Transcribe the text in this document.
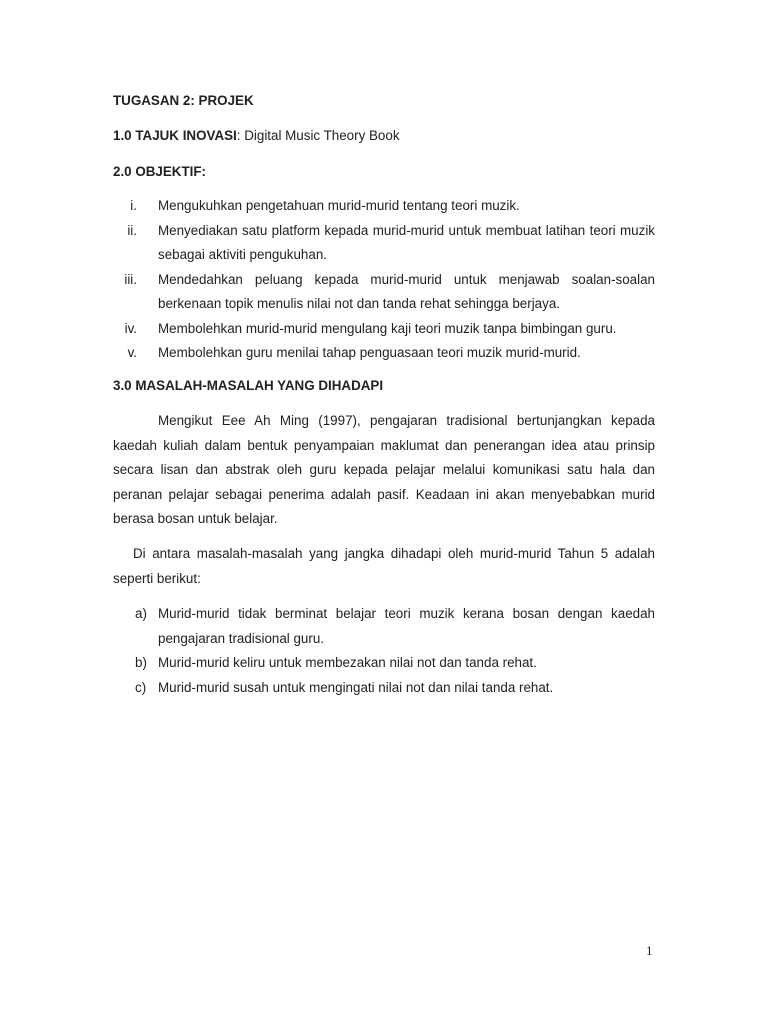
TUGASAN 2: PROJEK
1.0 TAJUK INOVASI: Digital Music Theory Book
2.0 OBJEKTIF:
i. Mengukuhkan pengetahuan murid-murid tentang teori muzik.
ii. Menyediakan satu platform kepada murid-murid untuk membuat latihan teori muzik sebagai aktiviti pengukuhan.
iii. Mendedahkan peluang kepada murid-murid untuk menjawab soalan-soalan berkenaan topik menulis nilai not dan tanda rehat sehingga berjaya.
iv. Membolehkan murid-murid mengulang kaji teori muzik tanpa bimbingan guru.
v. Membolehkan guru menilai tahap penguasaan teori muzik murid-murid.
3.0 MASALAH-MASALAH YANG DIHADAPI

Mengikut Eee Ah Ming (1997), pengajaran tradisional bertunjangkan kepada kaedah kuliah dalam bentuk penyampaian maklumat dan penerangan idea atau prinsip secara lisan dan abstrak oleh guru kepada pelajar melalui komunikasi satu hala dan peranan pelajar sebagai penerima adalah pasif. Keadaan ini akan menyebabkan murid berasa bosan untuk belajar.

Di antara masalah-masalah yang jangka dihadapi oleh murid-murid Tahun 5 adalah seperti berikut:

a) Murid-murid tidak berminat belajar teori muzik kerana bosan dengan kaedah pengajaran tradisional guru.
b) Murid-murid keliru untuk membezakan nilai not dan tanda rehat.
c) Murid-murid susah untuk mengingati nilai not dan nilai tanda rehat.
1
